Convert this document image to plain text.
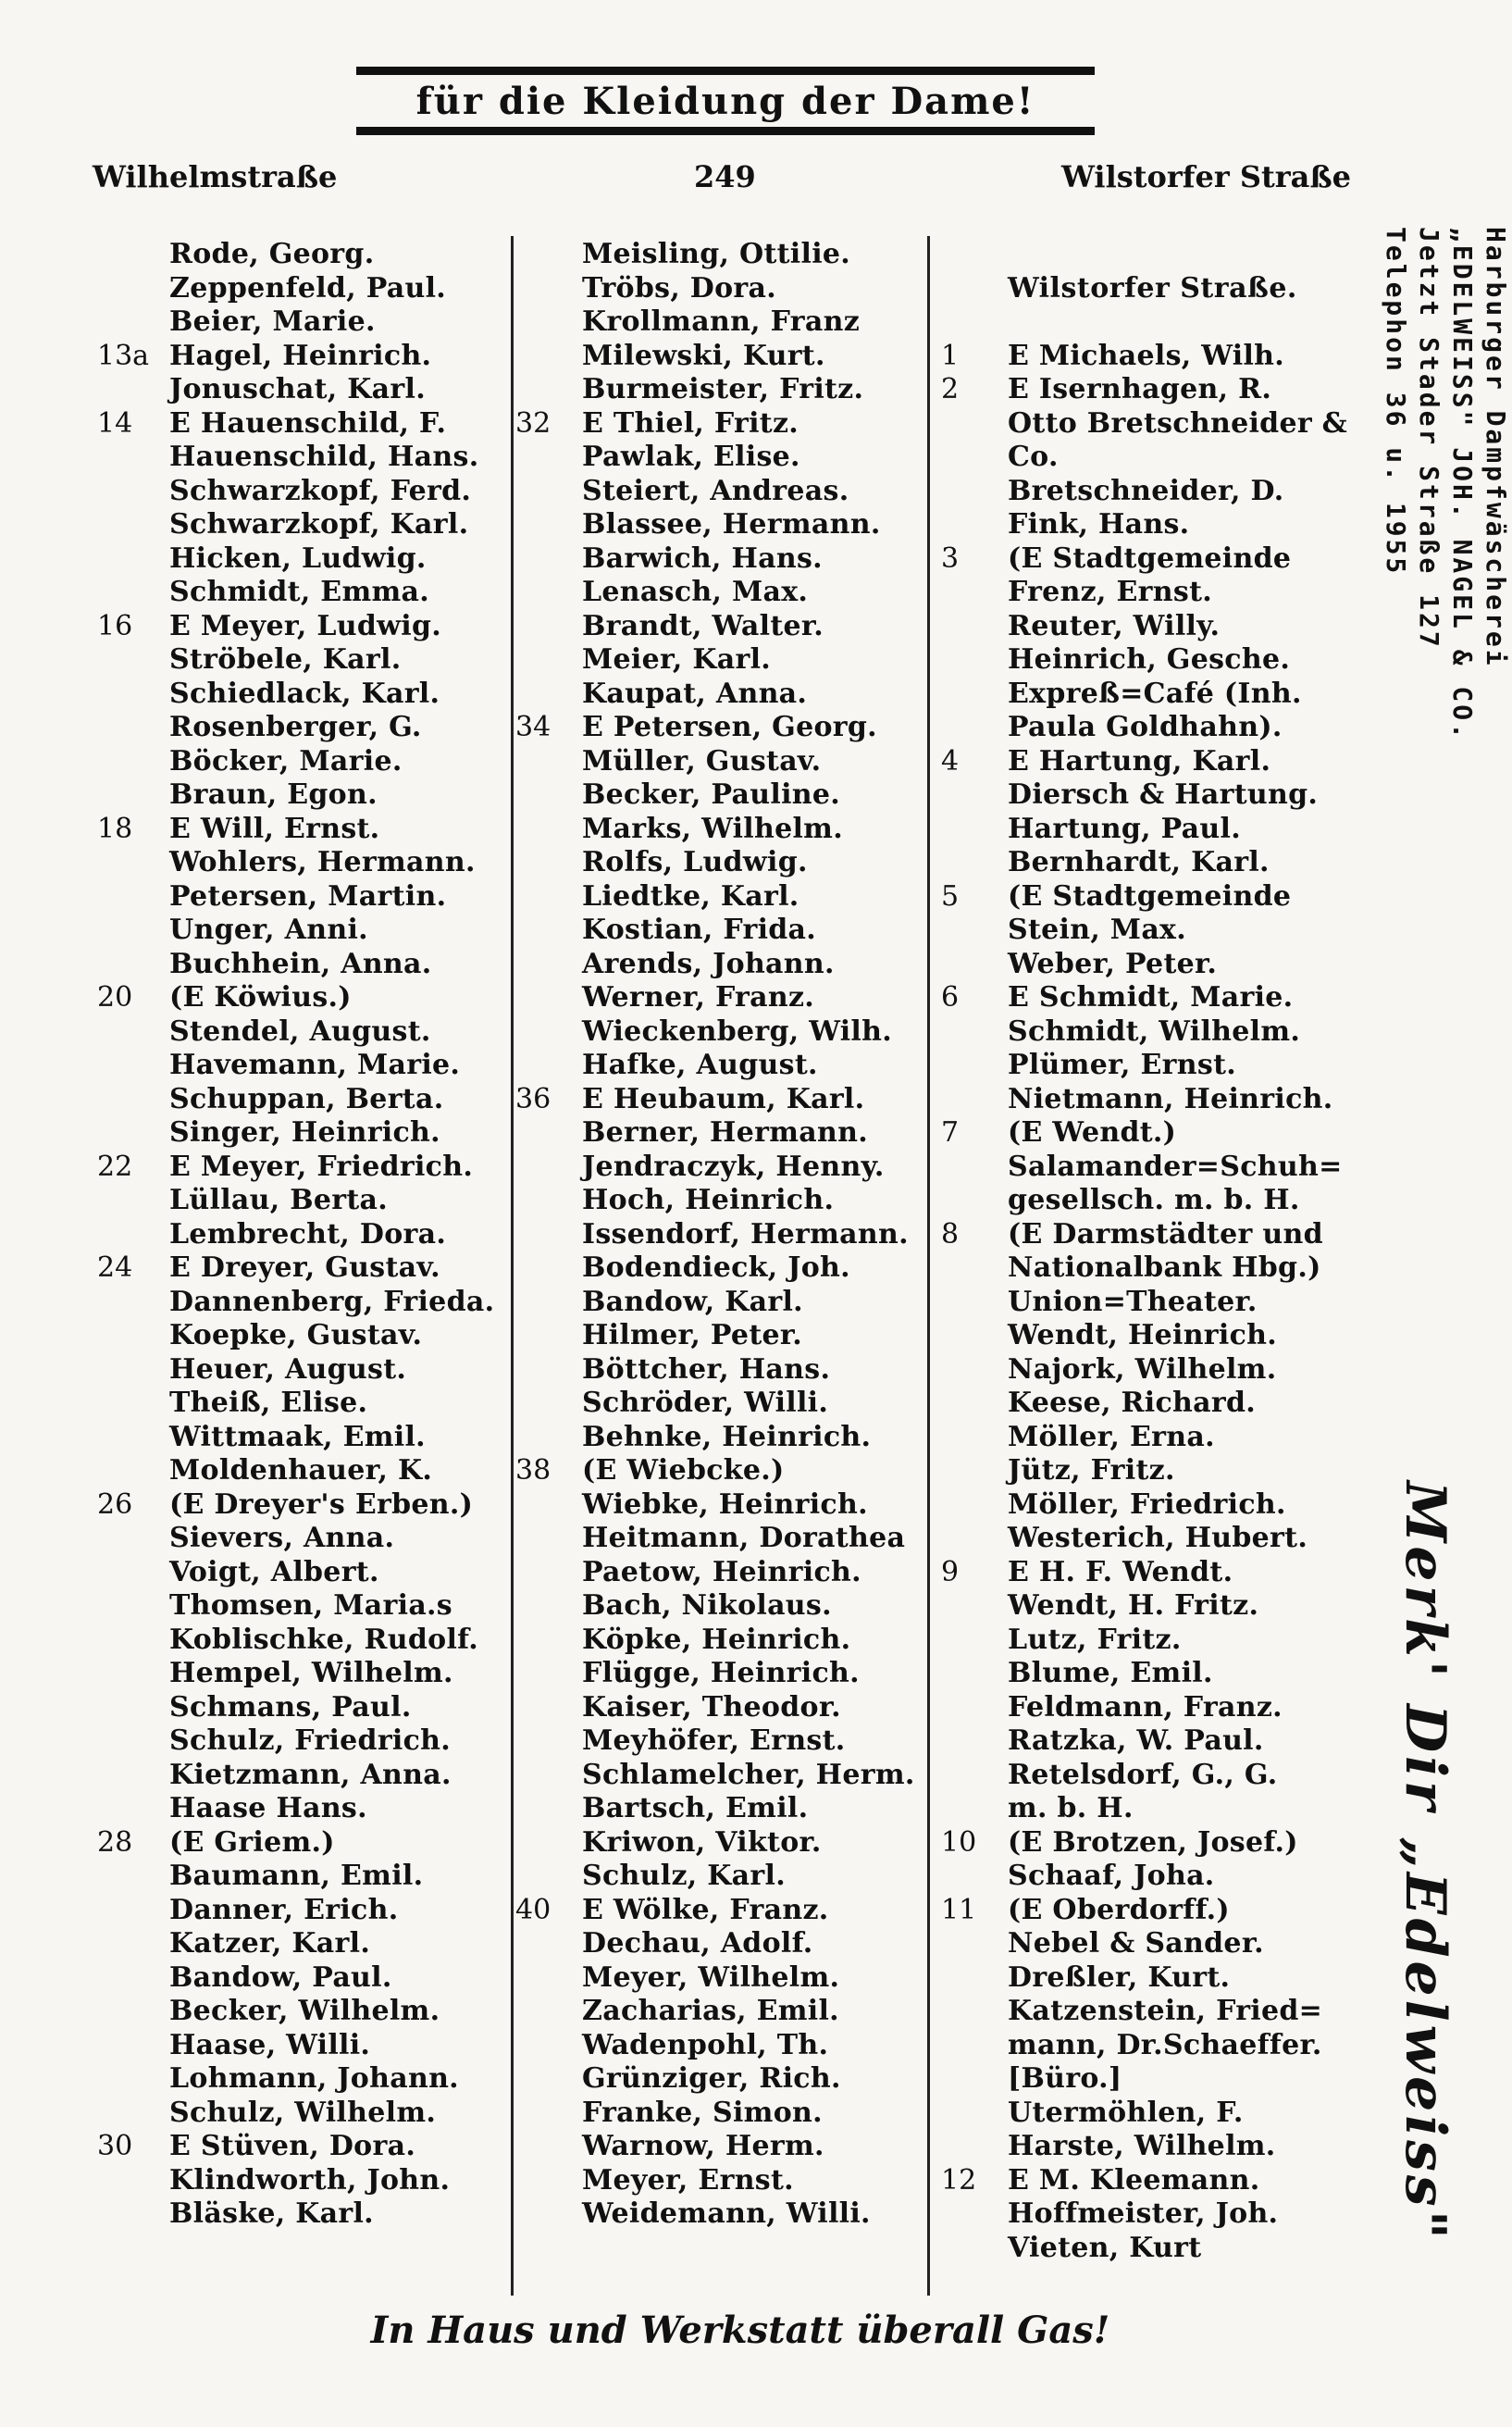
für die Kleidung der Dame!
Wilhelmstraße	249	Wilstorfer Straße
Rode, Georg.
Zeppenfeld, Paul.
Beier, Marie.
13a Hagel, Heinrich.
Jonuschat, Karl.
14	E Hauenschild, F.
Hauenschild, Hans.
Schwarzkopf, Ferd.
Schwarzkopf, Karl.
Hicken, Ludwig.
Schmidt, Emma.
16	E Meyer, Ludwig.
Ströbele, Karl.
Schiedlack, Karl.
Rosenberger, G.
Böcker, Marie.
Braun, Egon.
18	E Will, Ernst.
Wohlers, Hermann.
Petersen, Martin.
Unger, Anni.
Buchhein, Anna.
20	(E Köwius.)
Stendel, August.
Havemann, Marie.
Schuppan, Berta.
Singer, Heinrich.
22	E Meyer, Friedrich.
Lüllau, Berta.
Lembrecht, Dora.
24	E Dreyer, Gustav.
Dannenberg, Frieda.
Koepke, Gustav.
Heuer, August.
Theiß, Elise.
Wittmaak, Emil.
Moldenhauer, K.
26	(E Dreyer's Erben.)
Sievers, Anna.
Voigt, Albert.
Thomsen, Maria.s
Koblischke, Rudolf.
Hempel, Wilhelm.
Schmans, Paul.
Schulz, Friedrich.
Kietzmann, Anna.
Haase Hans.
28	(E Griem.)
Baumann, Emil.
Danner, Erich.
Katzer, Karl.
Bandow, Paul.
Becker, Wilhelm.
Haase, Willi.
Lohmann, Johann.
Schulz, Wilhelm.
30	E Stüven, Dora.
Klindworth, John.
Bläske, Karl.
Meisling, Ottilie.
Tröbs, Dora.
Krollmann, Franz
Milewski, Kurt.
Burmeister, Fritz.
32	E Thiel, Fritz.
Pawlak, Elise.
Steiert, Andreas.
Blassee, Hermann.
Barwich, Hans.
Lenasch, Max.
Brandt, Walter.
Meier, Karl.
Kaupat, Anna.
34	E Petersen, Georg.
Müller, Gustav.
Becker, Pauline.
Marks, Wilhelm.
Rolfs, Ludwig.
Liedtke, Karl.
Kostian, Frida.
Arends, Johann.
Werner, Franz.
Wieckenberg, Wilh.
Hafke, August.
36	E Heubaum, Karl.
Berner, Hermann.
Jendraczyk, Henny.
Hoch, Heinrich.
Issendorf, Hermann.
Bodendieck, Joh.
Bandow, Karl.
Hilmer, Peter.
Böttcher, Hans.
Schröder, Willi.
Behnke, Heinrich.
38	(E Wiebcke.)
Wiebke, Heinrich.
Heitmann, Dorathea
Paetow, Heinrich.
Bach, Nikolaus.
Köpke, Heinrich.
Flügge, Heinrich.
Kaiser, Theodor.
Meyhöfer, Ernst.
Schlamelcher, Herm.
Bartsch, Emil.
Kriwon, Viktor.
Schulz, Karl.
40	E Wölke, Franz.
Dechau, Adolf.
Meyer, Wilhelm.
Zacharias, Emil.
Wadenpohl, Th.
Grünziger, Rich.
Franke, Simon.
Warnow, Herm.
Meyer, Ernst.
Weidemann, Willi.
Wilstorfer Straße.
1	E Michaels, Wilh.
2	E Isernhagen, R.
Otto Bretschneider &
Co.
Bretschneider, D.
Fink, Hans.
3	(E Stadtgemeinde
Frenz, Ernst.
Reuter, Willy.
Heinrich, Gesche.
Expreß=Café (Inh.
Paula Goldhahn).
4	E Hartung, Karl.
Diersch & Hartung.
Hartung, Paul.
Bernhardt, Karl.
5	(E Stadtgemeinde
Stein, Max.
Weber, Peter.
6	E Schmidt, Marie.
Schmidt, Wilhelm.
Plümer, Ernst.
Nietmann, Heinrich.
7	(E Wendt.)
Salamander=Schuh=
gesellsch. m. b. H.
8	(E Darmstädter und
Nationalbank Hbg.)
Union=Theater.
Wendt, Heinrich.
Najork, Wilhelm.
Keese, Richard.
Möller, Erna.
Jütz, Fritz.
Möller, Friedrich.
Westerich, Hubert.
9	E H. F. Wendt.
Wendt, H. Fritz.
Lutz, Fritz.
Blume, Emil.
Feldmann, Franz.
Ratzka, W. Paul.
Retelsdorf, G., G.
m. b. H.
10	(E Brotzen, Josef.)
Schaaf, Joha.
11	(E Oberdorff.)
Nebel & Sander.
Dreßler, Kurt.
Katzenstein, Fried=
mann, Dr.Schaeffer.
[Büro.]
Utermöhlen, F.
Harste, Wilhelm.
12	E M. Kleemann.
Hoffmeister, Joh.
Vieten, Kurt
Harburger Dampfwäscherei
„EDELWEISS" JOH. NAGEL & CO.
Jetzt Stader Straße 127
Telephon 36 u. 1955
Merk' Dir „Edelweiss"
In Haus und Werkstatt überall Gas!
